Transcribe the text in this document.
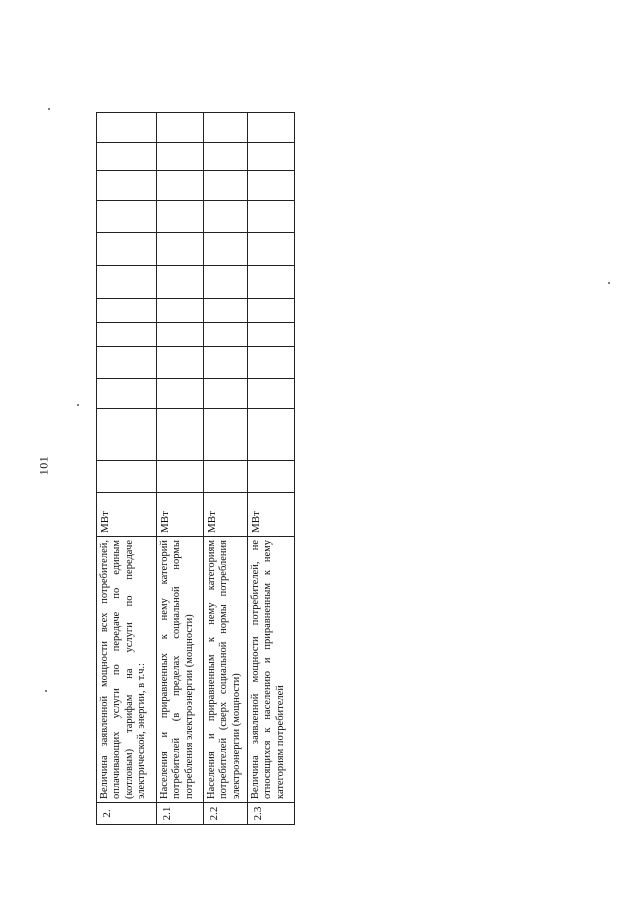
101
2.	Величина заявленной мощности всех потребителей, оплачивающих услуги по передаче по единым (котловым) тарифам на услуги по передаче электрической, энергии, в т.ч.:	МВт												
2.1	Населения и приравненных к нему категорий потребителей (в пределах социальной нормы потребления электроэнергии (мощности)	МВт												
2.2	Населения и приравненным к нему категориям потребителей (сверх социальной нормы потребления электроэнергии (мощности)	МВт												
2.3	Величина заявленной мощности потребителей, не относящихся к населению и приравненным к нему категориям потребителей	МВт												
